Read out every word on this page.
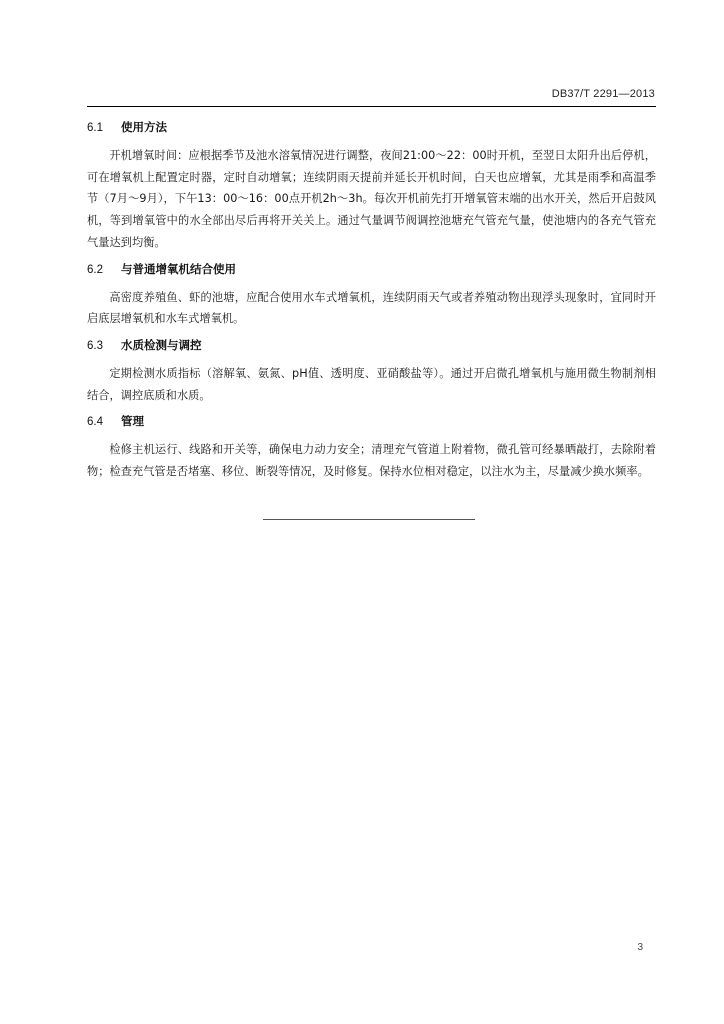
DB37/T 2291—2013
6.1 使用方法

开机增氧时间：应根据季节及池水溶氧情况进行调整，夜间21:00～22：00时开机，至翌日太阳升出后停机，可在增氧机上配置定时器，定时自动增氧；连续阴雨天提前并延长开机时间，白天也应增氧，尤其是雨季和高温季节（7月～9月），下午13：00～16：00点开机2h～3h。每次开机前先打开增氧管末端的出水开关，然后开启鼓风机，等到增氧管中的水全部出尽后再将开关关上。通过气量调节阀调控池塘充气管充气量，使池塘内的各充气管充气量达到均衡。

6.2 与普通增氧机结合使用

高密度养殖鱼、虾的池塘，应配合使用水车式增氧机，连续阴雨天气或者养殖动物出现浮头现象时，宜同时开启底层增氧机和水车式增氧机。

6.3 水质检测与调控

定期检测水质指标（溶解氧、氨氮、pH值、透明度、亚硝酸盐等）。通过开启微孔增氧机与施用微生物制剂相结合，调控底质和水质。

6.4 管理

检修主机运行、线路和开关等，确保电力动力安全；清理充气管道上附着物，微孔管可经暴晒敲打，去除附着物；检查充气管是否堵塞、移位、断裂等情况，及时修复。保持水位相对稳定，以注水为主，尽量减少换水频率。

3
